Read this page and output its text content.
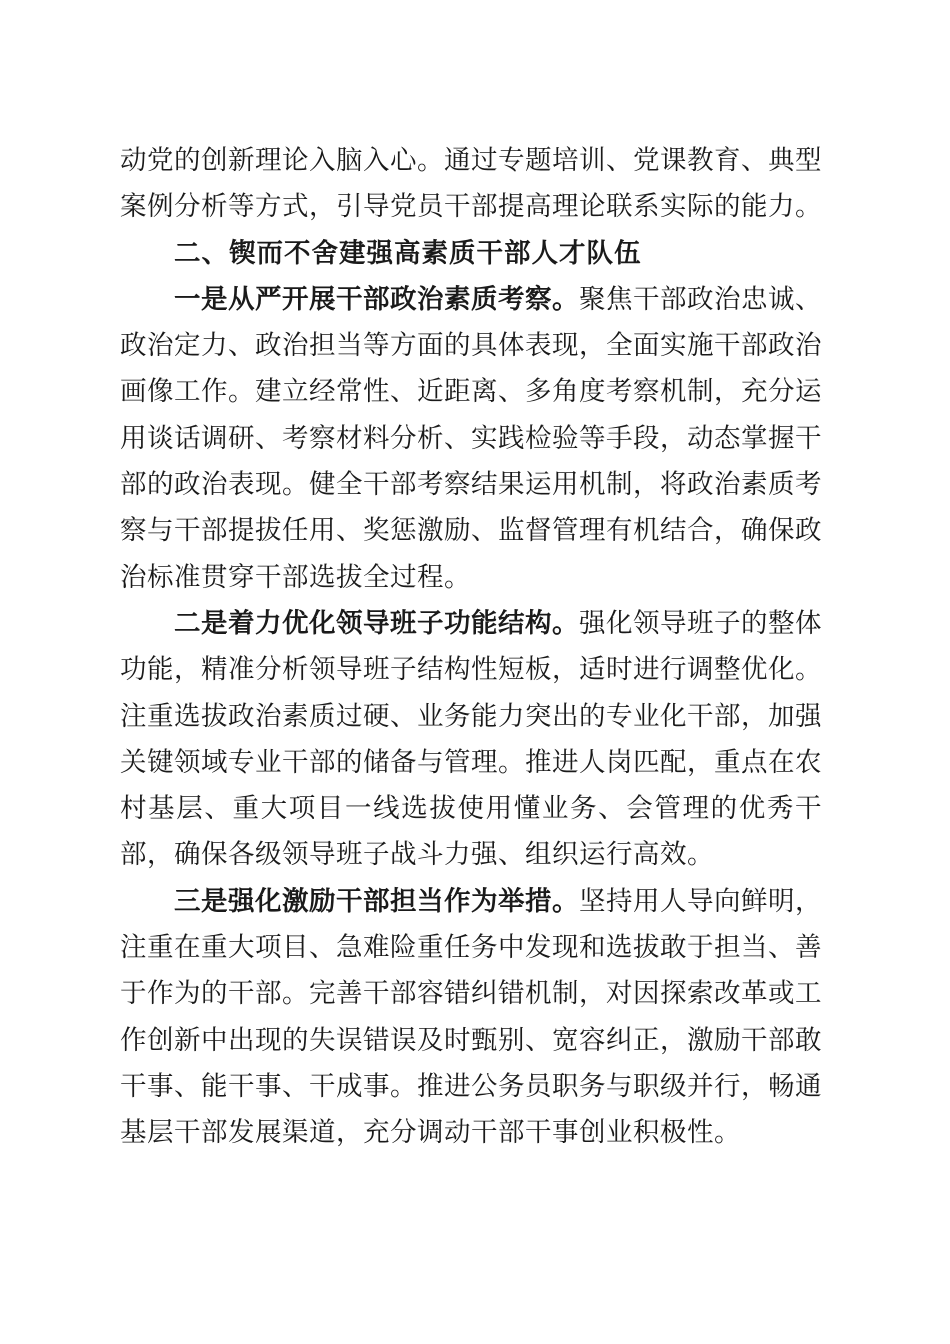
动党的创新理论入脑入心。通过专题培训、党课教育、典型案例分析等方式，引导党员干部提高理论联系实际的能力。

二、锲而不舍建强高素质干部人才队伍

一是从严开展干部政治素质考察。聚焦干部政治忠诚、政治定力、政治担当等方面的具体表现，全面实施干部政治画像工作。建立经常性、近距离、多角度考察机制，充分运用谈话调研、考察材料分析、实践检验等手段，动态掌握干部的政治表现。健全干部考察结果运用机制，将政治素质考察与干部提拔任用、奖惩激励、监督管理有机结合，确保政治标准贯穿干部选拔全过程。

二是着力优化领导班子功能结构。强化领导班子的整体功能，精准分析领导班子结构性短板，适时进行调整优化。注重选拔政治素质过硬、业务能力突出的专业化干部，加强关键领域专业干部的储备与管理。推进人岗匹配，重点在农村基层、重大项目一线选拔使用懂业务、会管理的优秀干部，确保各级领导班子战斗力强、组织运行高效。

三是强化激励干部担当作为举措。坚持用人导向鲜明，注重在重大项目、急难险重任务中发现和选拔敢于担当、善于作为的干部。完善干部容错纠错机制，对因探索改革或工作创新中出现的失误错误及时甄别、宽容纠正，激励干部敢干事、能干事、干成事。推进公务员职务与职级并行，畅通基层干部发展渠道，充分调动干部干事创业积极性。
